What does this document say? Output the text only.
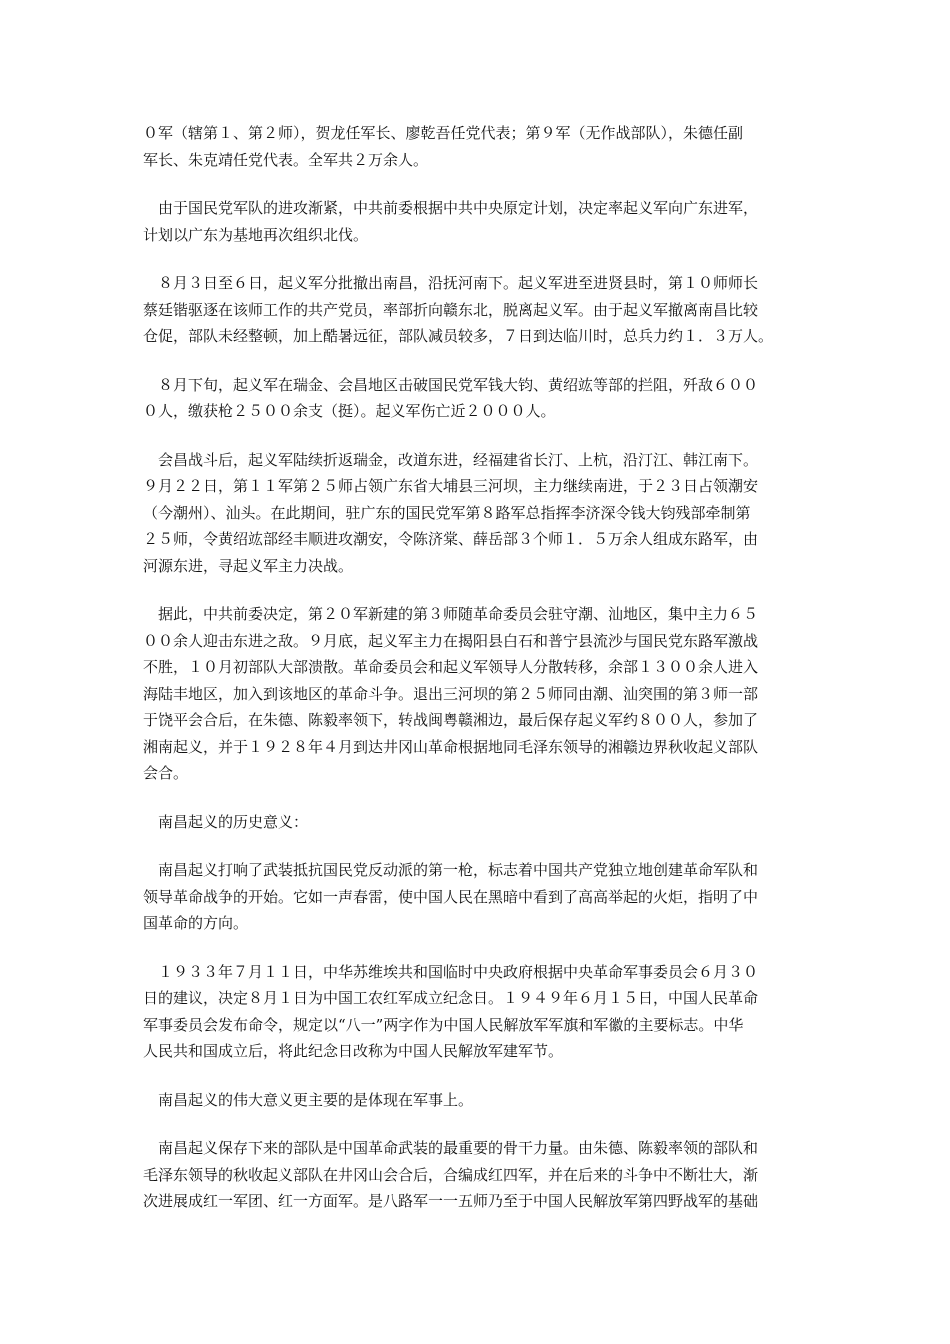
０军（辖第１、第２师），贺龙任军长、廖乾吾任党代表；第９军（无作战部队），朱德任副
军长、朱克靖任党代表。全军共２万余人。
由于国民党军队的进攻渐紧，中共前委根据中共中央原定计划，决定率起义军向广东进军，
计划以广东为基地再次组织北伐。
８月３日至６日，起义军分批撤出南昌，沿抚河南下。起义军进至进贤县时，第１０师师长
蔡廷锴驱逐在该师工作的共产党员，率部折向赣东北，脱离起义军。由于起义军撤离南昌比较
仓促，部队未经整顿，加上酷暑远征，部队减员较多，７日到达临川时，总兵力约１．３万人。
８月下旬，起义军在瑞金、会昌地区击破国民党军钱大钧、黄绍竑等部的拦阻，歼敌６００
０人，缴获枪２５００余支（挺）。起义军伤亡近２０００人。
会昌战斗后，起义军陆续折返瑞金，改道东进，经福建省长汀、上杭，沿汀江、韩江南下。
９月２２日，第１１军第２５师占领广东省大埔县三河坝，主力继续南进，于２３日占领潮安
（今潮州）、汕头。在此期间，驻广东的国民党军第８路军总指挥李济深令钱大钧残部牵制第
２５师，令黄绍竑部经丰顺进攻潮安，令陈济棠、薛岳部３个师１．５万余人组成东路军，由
河源东进，寻起义军主力决战。
据此，中共前委决定，第２０军新建的第３师随革命委员会驻守潮、汕地区，集中主力６５
００余人迎击东进之敌。９月底，起义军主力在揭阳县白石和普宁县流沙与国民党东路军激战
不胜，１０月初部队大部溃散。革命委员会和起义军领导人分散转移，余部１３００余人进入
海陆丰地区，加入到该地区的革命斗争。退出三河坝的第２５师同由潮、汕突围的第３师一部
于饶平会合后，在朱德、陈毅率领下，转战闽粤赣湘边，最后保存起义军约８００人，参加了
湘南起义，并于１９２８年４月到达井冈山革命根据地同毛泽东领导的湘赣边界秋收起义部队
会合。
南昌起义的历史意义：
南昌起义打响了武装抵抗国民党反动派的第一枪，标志着中国共产党独立地创建革命军队和
领导革命战争的开始。它如一声春雷，使中国人民在黑暗中看到了高高举起的火炬，指明了中
国革命的方向。
１９３３年７月１１日，中华苏维埃共和国临时中央政府根据中央革命军事委员会６月３０
日的建议，决定８月１日为中国工农红军成立纪念日。１９４９年６月１５日，中国人民革命
军事委员会发布命令，规定以“八一”两字作为中国人民解放军军旗和军徽的主要标志。中华
人民共和国成立后，将此纪念日改称为中国人民解放军建军节。
南昌起义的伟大意义更主要的是体现在军事上。
南昌起义保存下来的部队是中国革命武装的最重要的骨干力量。由朱德、陈毅率领的部队和
毛泽东领导的秋收起义部队在井冈山会合后，合编成红四军，并在后来的斗争中不断壮大，渐
次进展成红一军团、红一方面军。是八路军一一五师乃至于中国人民解放军第四野战军的基础
